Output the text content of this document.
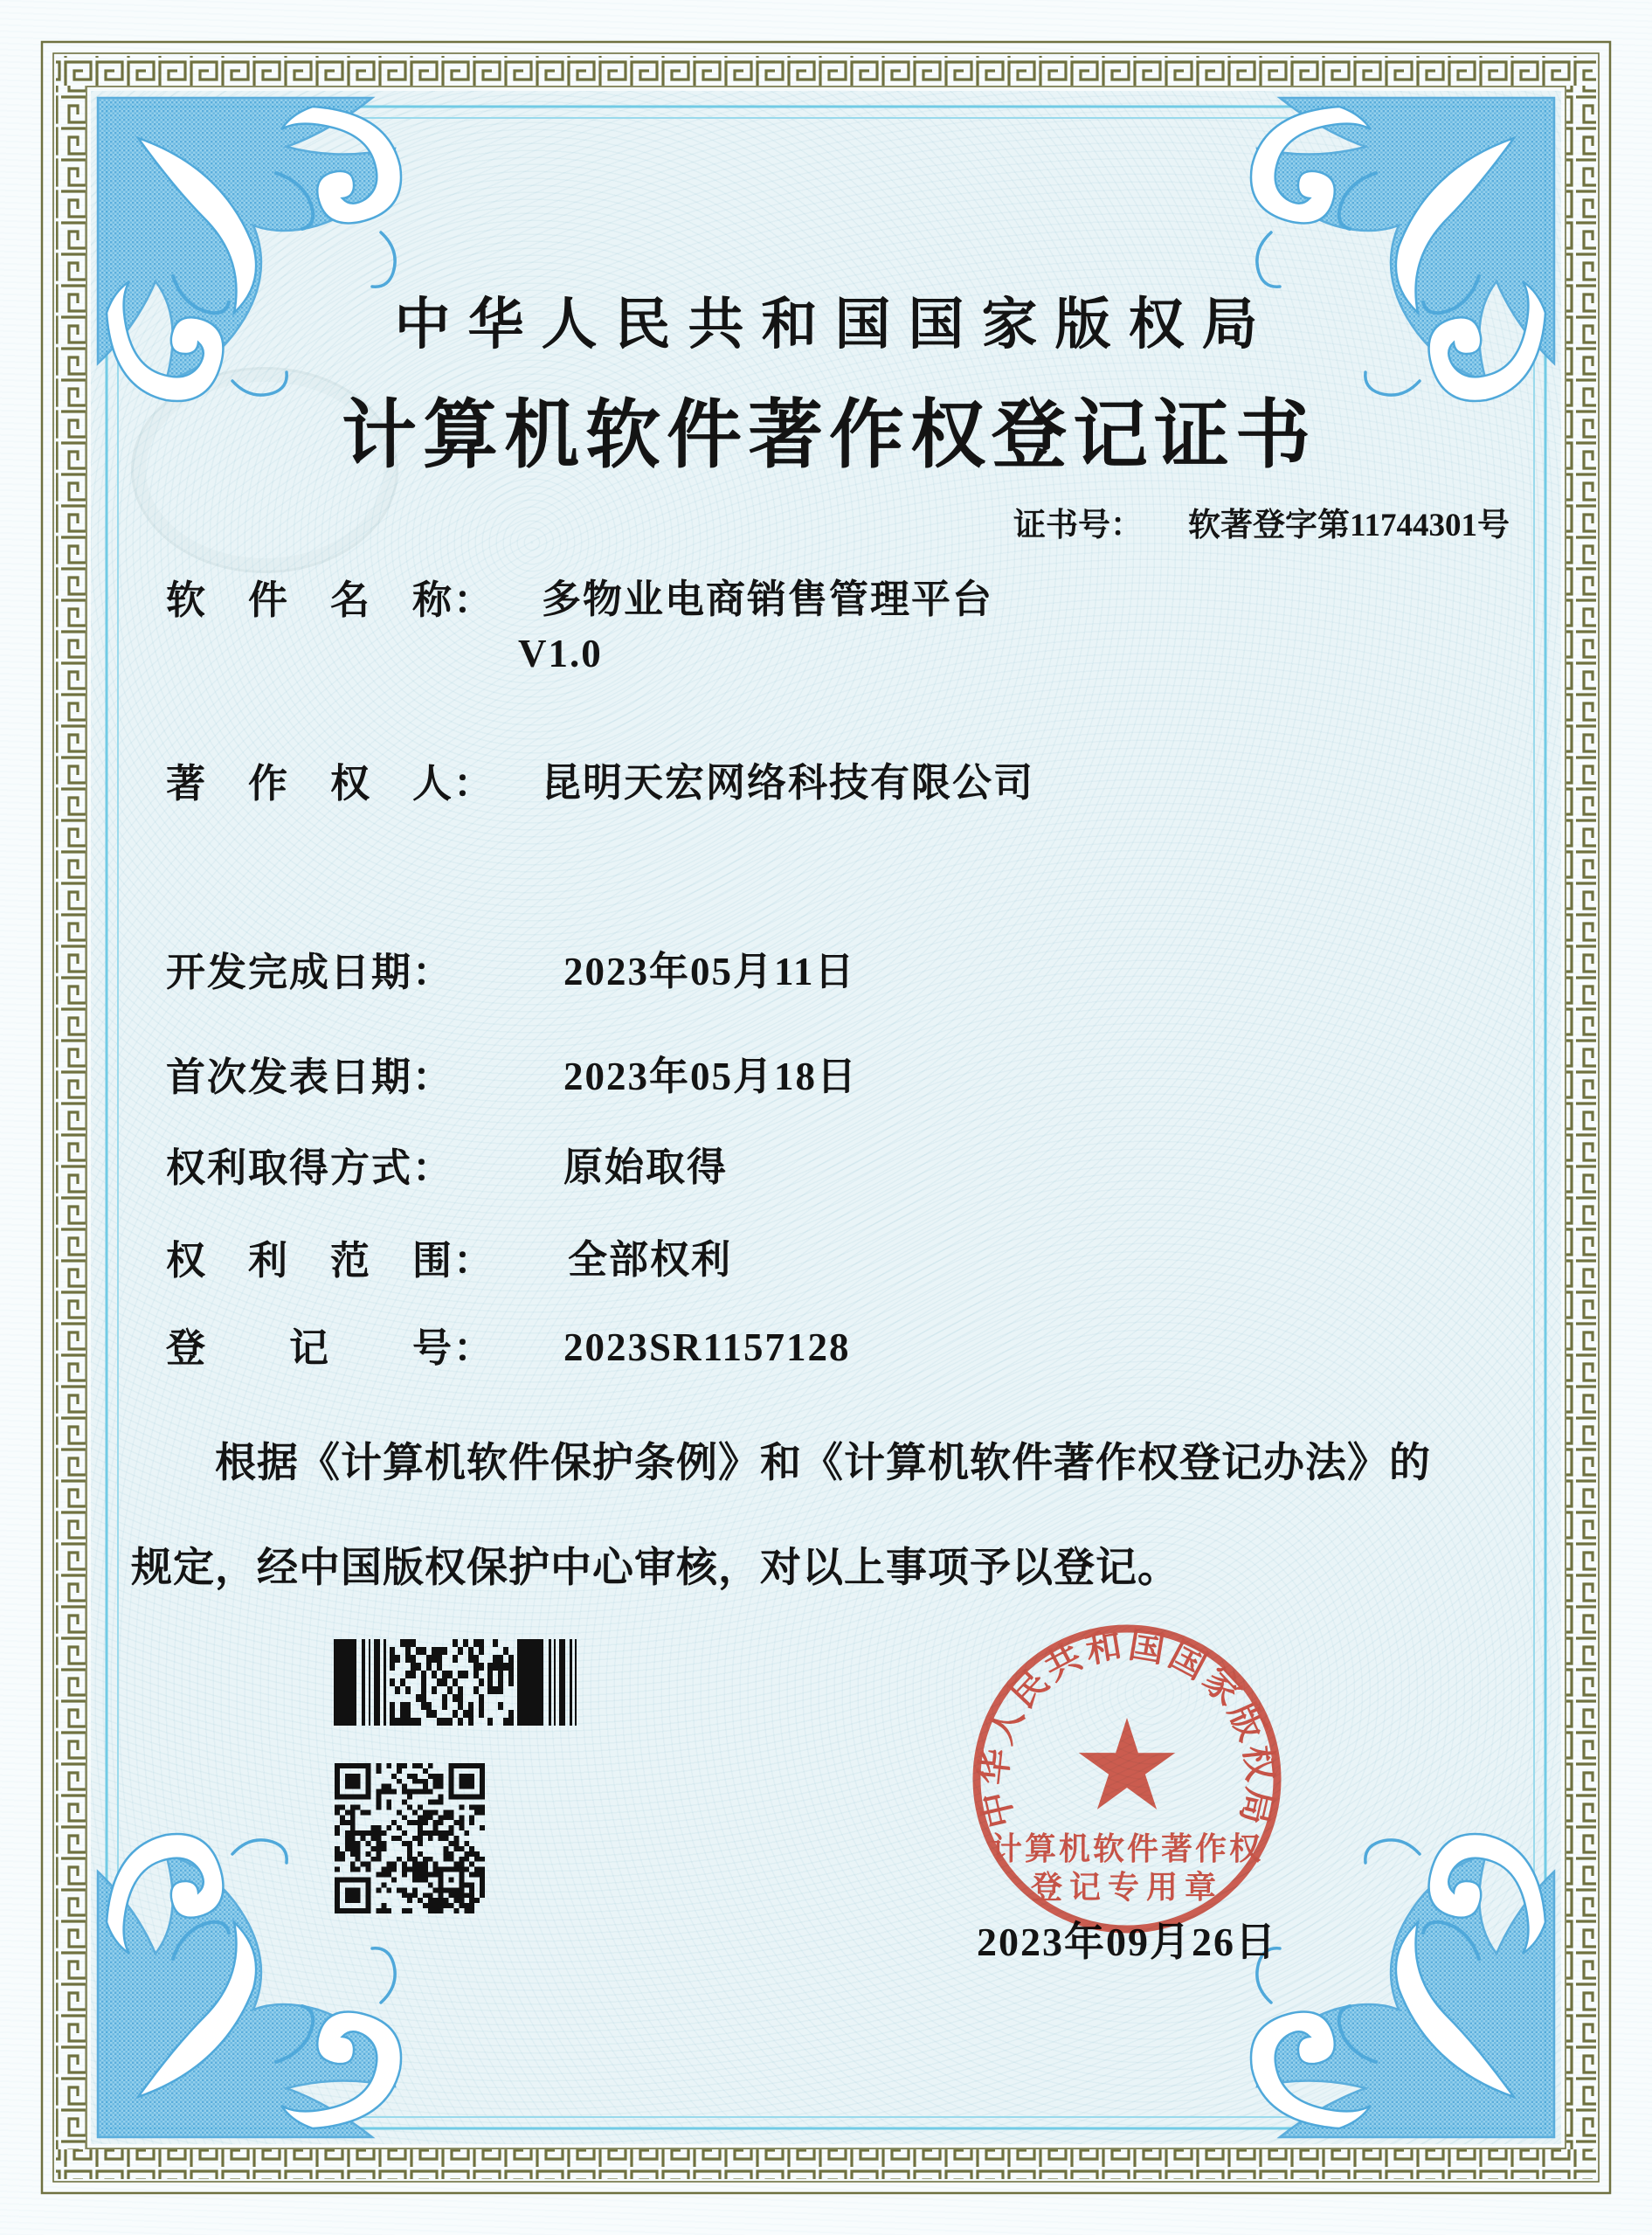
中华人民共和国国家版权局
计算机软件著作权登记证书
证书号： 软著登字第11744301号
软　件　名　称： 多物业电商销售管理平台
V1.0
著　作　权　人： 昆明天宏网络科技有限公司
开发完成日期：	2023年05月11日
首次发表日期：	2023年05月18日
权利取得方式：	原始取得
权　利　范　围： 全部权利
登　　记　　号： 2023SR1157128
根据《计算机软件保护条例》和《计算机软件著作权登记办法》的
规定，经中国版权保护中心审核，对以上事项予以登记。
2023年09月26日
中华人民共和国国家版权局
计算机软件著作权
登记专用章
